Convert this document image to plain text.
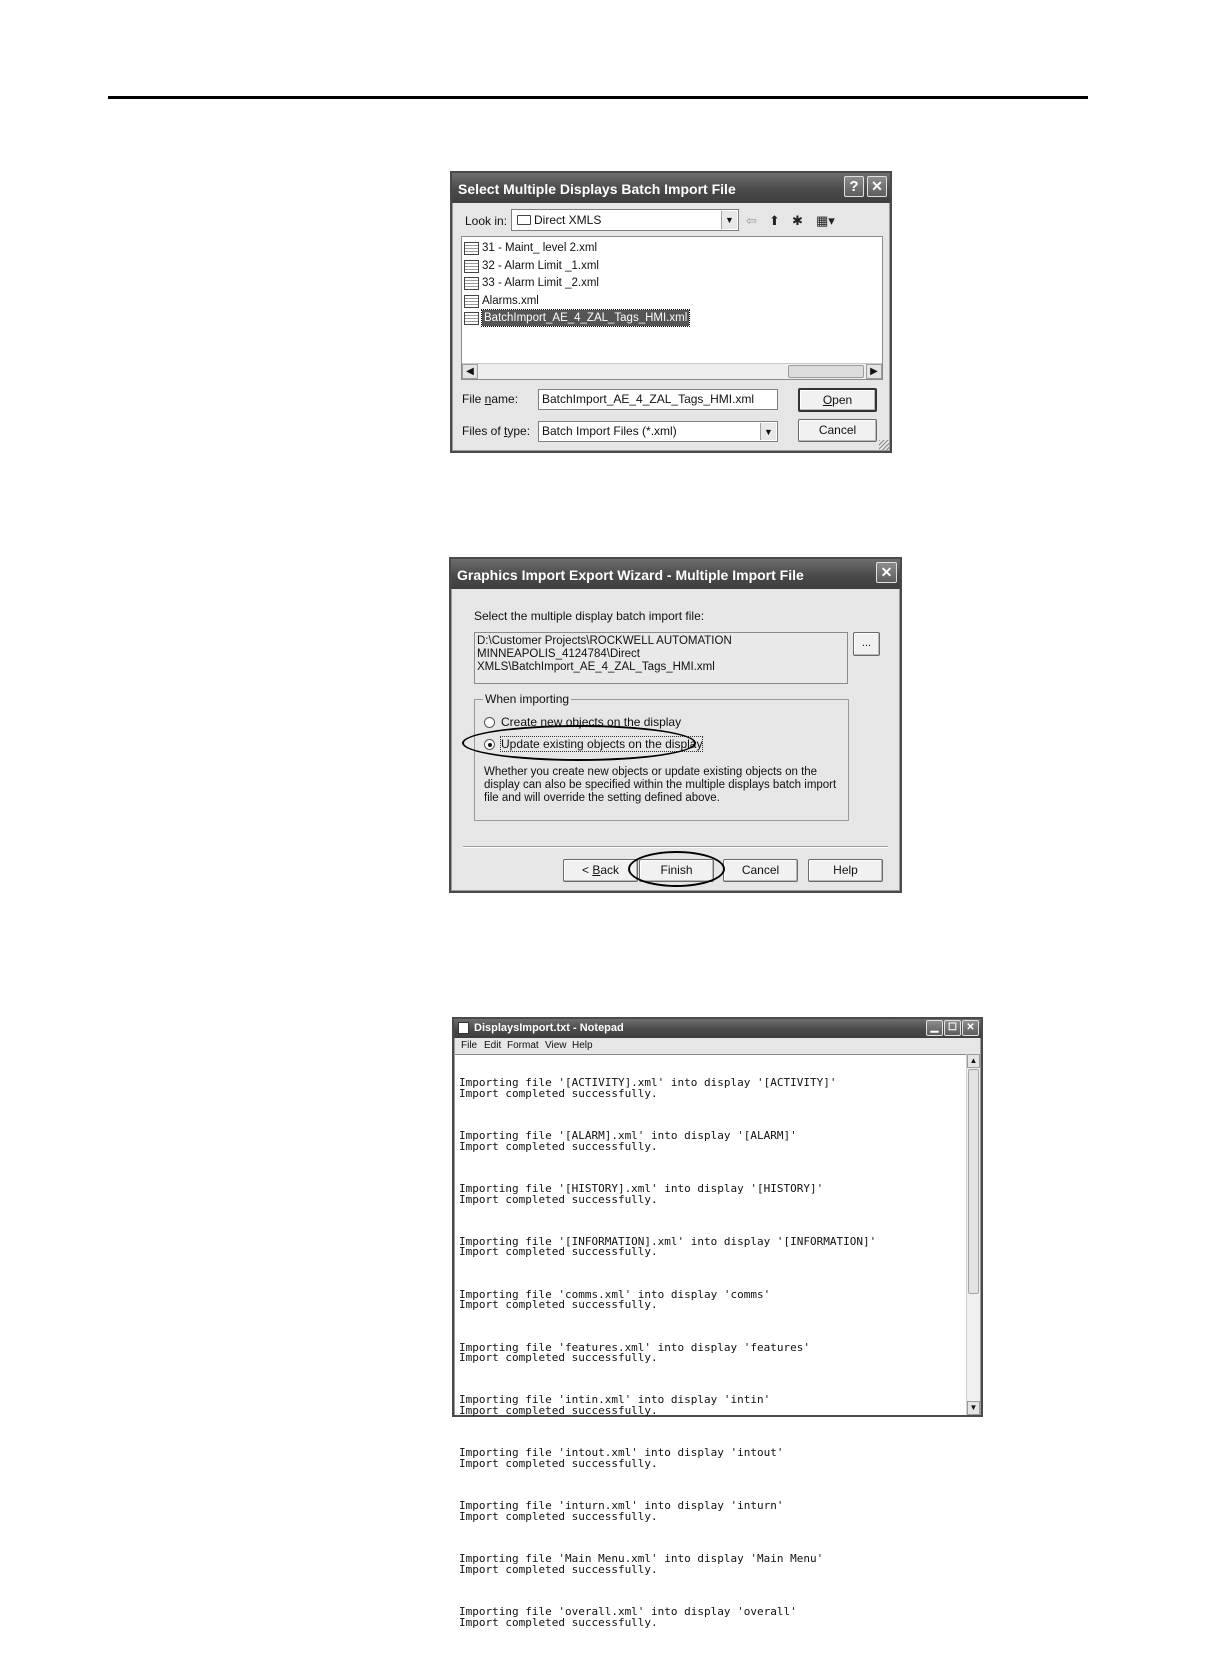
Select Multiple Displays Batch Import File	? ✕
Look in:	Direct XMLS	▼ ⇦ ⬆ ✱ ▦▾
31 - Maint_ level 2.xml
32 - Alarm Limit _1.xml
33 - Alarm Limit _2.xml
Alarms.xml
BatchImport_AE_4_ZAL_Tags_HMI.xml
◀	▶
File name:	BatchImport_AE_4_ZAL_Tags_HMI.xml	Open
Files of type: Batch Import Files (*.xml)	▼	Cancel
Graphics Import Export Wizard - Multiple Import File	✕
Select the multiple display batch import file:
D:\Customer Projects\ROCKWELL AUTOMATION
MINNEAPOLIS_4124784\Direct
XMLS\BatchImport_AE_4_ZAL_Tags_HMI.xml
...
When importing
Create new objects on the display
Update existing objects on the display
Whether you create new objects or update existing objects on the display can also be specified within the multiple displays batch import file and will override the setting defined above.
< Back	Finish	Cancel	Help
DisplaysImport.txt - Notepad	▁ ☐ ✕
File Edit Format View Help

Importing file '[ACTIVITY].xml' into display '[ACTIVITY]'
Import completed successfully.

Importing file '[ALARM].xml' into display '[ALARM]'
Import completed successfully.

Importing file '[HISTORY].xml' into display '[HISTORY]'
Import completed successfully.

Importing file '[INFORMATION].xml' into display '[INFORMATION]'
Import completed successfully.

Importing file 'comms.xml' into display 'comms'
Import completed successfully.

Importing file 'features.xml' into display 'features'
Import completed successfully.

Importing file 'intin.xml' into display 'intin'
Import completed successfully.

Importing file 'intout.xml' into display 'intout'
Import completed successfully.

Importing file 'inturn.xml' into display 'inturn'
Import completed successfully.

Importing file 'Main Menu.xml' into display 'Main Menu'
Import completed successfully.

Importing file 'overall.xml' into display 'overall'
Import completed successfully.

▲
▼
